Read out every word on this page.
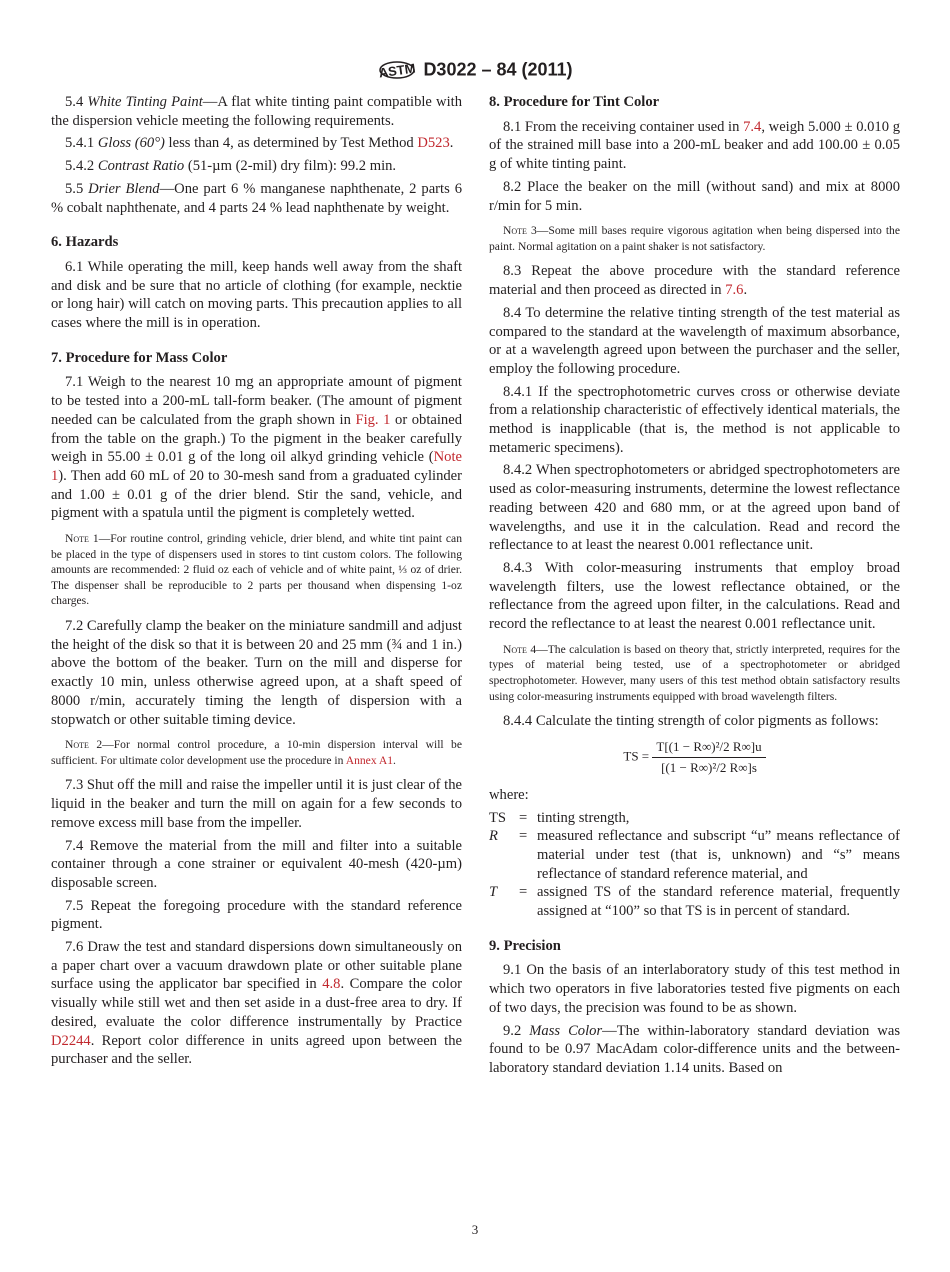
ASTM D3022 – 84 (2011)
5.4 White Tinting Paint—A flat white tinting paint compatible with the dispersion vehicle meeting the following requirements.
5.4.1 Gloss (60°) less than 4, as determined by Test Method D523.
5.4.2 Contrast Ratio (51-µm (2-mil) dry film): 99.2 min.
5.5 Drier Blend—One part 6 % manganese naphthenate, 2 parts 6 % cobalt naphthenate, and 4 parts 24 % lead naphthenate by weight.
6. Hazards
6.1 While operating the mill, keep hands well away from the shaft and disk and be sure that no article of clothing (for example, necktie or long hair) will catch on moving parts. This precaution applies to all cases where the mill is in operation.
7. Procedure for Mass Color
7.1 Weigh to the nearest 10 mg an appropriate amount of pigment to be tested into a 200-mL tall-form beaker. (The amount of pigment needed can be calculated from the graph shown in Fig. 1 or obtained from the table on the graph.) To the pigment in the beaker carefully weigh in 55.00 ± 0.01 g of the long oil alkyd grinding vehicle (Note 1). Then add 60 mL of 20 to 30-mesh sand from a graduated cylinder and 1.00 ± 0.01 g of the drier blend. Stir the sand, vehicle, and pigment with a spatula until the pigment is completely wetted.
Note 1—For routine control, grinding vehicle, drier blend, and white tint paint can be placed in the type of dispensers used in stores to tint custom colors. The following amounts are recommended: 2 fluid oz each of vehicle and of white paint, ⅓ oz of drier. The dispenser shall be reproducible to 2 parts per thousand when dispensing 1-oz charges.
7.2 Carefully clamp the beaker on the miniature sandmill and adjust the height of the disk so that it is between 20 and 25 mm (¾ and 1 in.) above the bottom of the beaker. Turn on the mill and disperse for exactly 10 min, unless otherwise agreed upon, at a shaft speed of 8000 r/min, accurately timing the length of dispersion with a stopwatch or other suitable timing device.
Note 2—For normal control procedure, a 10-min dispersion interval will be sufficient. For ultimate color development use the procedure in Annex A1.
7.3 Shut off the mill and raise the impeller until it is just clear of the liquid in the beaker and turn the mill on again for a few seconds to remove excess mill base from the impeller.
7.4 Remove the material from the mill and filter into a suitable container through a cone strainer or equivalent 40-mesh (420-µm) disposable screen.
7.5 Repeat the foregoing procedure with the standard reference pigment.
7.6 Draw the test and standard dispersions down simultaneously on a paper chart over a vacuum drawdown plate or other suitable plane surface using the applicator bar specified in 4.8. Compare the color visually while still wet and then set aside in a dust-free area to dry. If desired, evaluate the color difference instrumentally by Practice D2244. Report color difference in units agreed upon between the purchaser and the seller.
8. Procedure for Tint Color
8.1 From the receiving container used in 7.4, weigh 5.000 ± 0.010 g of the strained mill base into a 200-mL beaker and add 100.00 ± 0.05 g of white tinting paint.
8.2 Place the beaker on the mill (without sand) and mix at 8000 r/min for 5 min.
Note 3—Some mill bases require vigorous agitation when being dispersed into the paint. Normal agitation on a paint shaker is not satisfactory.
8.3 Repeat the above procedure with the standard reference material and then proceed as directed in 7.6.
8.4 To determine the relative tinting strength of the test material as compared to the standard at the wavelength of maximum absorbance, or at a wavelength agreed upon between the purchaser and the seller, employ the following procedure.
8.4.1 If the spectrophotometric curves cross or otherwise deviate from a relationship characteristic of effectively identical materials, the method is inapplicable (that is, the method is not applicable to metameric specimens).
8.4.2 When spectrophotometers or abridged spectrophotometers are used as color-measuring instruments, determine the lowest reflectance reading between 420 and 680 mm, or at the agreed upon band of wavelengths, and use it in the calculation. Read and record the reflectance to at least the nearest 0.001 reflectance unit.
8.4.3 With color-measuring instruments that employ broad wavelength filters, use the lowest reflectance obtained, or the reflectance from the agreed upon filter, in the calculations. Read and record the reflectance to at least the nearest 0.001 reflectance unit.
Note 4—The calculation is based on theory that, strictly interpreted, requires for the types of material being tested, use of a spectrophotometer or abridged spectrophotometer. However, many users of this test method obtain satisfactory results using color-measuring instruments equipped with broad wavelength filters.
8.4.4 Calculate the tinting strength of color pigments as follows:
TS = $\frac{\text{T[(1 − R∞)²/2 R∞]u}}{\text{[(1 − R∞)²/2 R∞]s}}$
where:
TS = tinting strength,
R	= measured reflectance and subscript “u” means reflectance of material under test (that is, unknown) and “s” means reflectance of standard reference material, and
T	= assigned TS of the standard reference material, frequently assigned at “100” so that TS is in percent of standard.
9. Precision
9.1 On the basis of an interlaboratory study of this test method in which two operators in five laboratories tested five pigments on each of two days, the precision was found to be as shown.
9.2 Mass Color—The within-laboratory standard deviation was found to be 0.97 MacAdam color-difference units and the between-laboratory standard deviation 1.14 units. Based on
3
